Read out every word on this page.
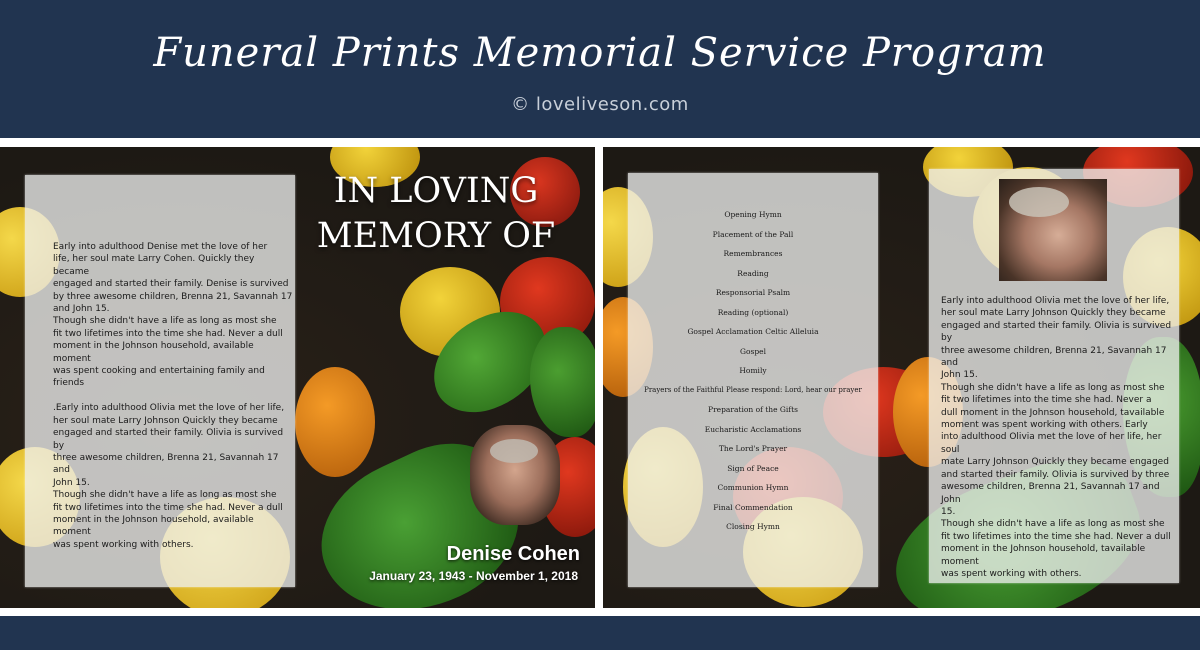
Funeral Prints Memorial Service Program
© loveliveson.com
Early into adulthood Denise met the love of her
life, her soul mate Larry Cohen. Quickly they became
engaged and started their family. Denise is survived
by three awesome children, Brenna 21, Savannah 17
and John 15.
Though she didn't have a life as long as most she
fit two lifetimes into the time she had. Never a dull
moment in the Johnson household, available moment
was spent cooking and entertaining family and friends

.Early into adulthood Olivia met the love of her life,
her soul mate Larry Johnson Quickly they became
engaged and started their family. Olivia is survived by
three awesome children, Brenna 21, Savannah 17 and
John 15.
Though she didn't have a life as long as most she
fit two lifetimes into the time she had. Never a dull
moment in the Johnson household, available moment
was spent working with others.
IN LOVING
MEMORY OF
Denise Cohen
January 23, 1943 - November 1, 2018
Opening Hymn
Placement of the Pall
Remembrances
Reading
Responsorial Psalm
Reading (optional)
Gospel Acclamation Celtic Alleluia
Gospel
Homily
Prayers of the Faithful Please respond: Lord, hear our prayer
Preparation of the Gifts
Eucharistic Acclamations
The Lord's Prayer
Sign of Peace
Communion Hymn
Final Commendation
Closing Hymn
Early into adulthood Olivia met the love of her life,
her soul mate Larry Johnson Quickly they became
engaged and started their family. Olivia is survived by
three awesome children, Brenna 21, Savannah 17 and
John 15.
Though she didn't have a life as long as most she
fit two lifetimes into the time she had. Never a
dull moment in the Johnson household, tavailable
moment was spent working with others. Early
into adulthood Olivia met the love of her life, her soul
mate Larry Johnson Quickly they became engaged
and started their family. Olivia is survived by three
awesome children, Brenna 21, Savannah 17 and John
15.
Though she didn't have a life as long as most she
fit two lifetimes into the time she had. Never a dull
moment in the Johnson household, tavailable moment
was spent working with others.
